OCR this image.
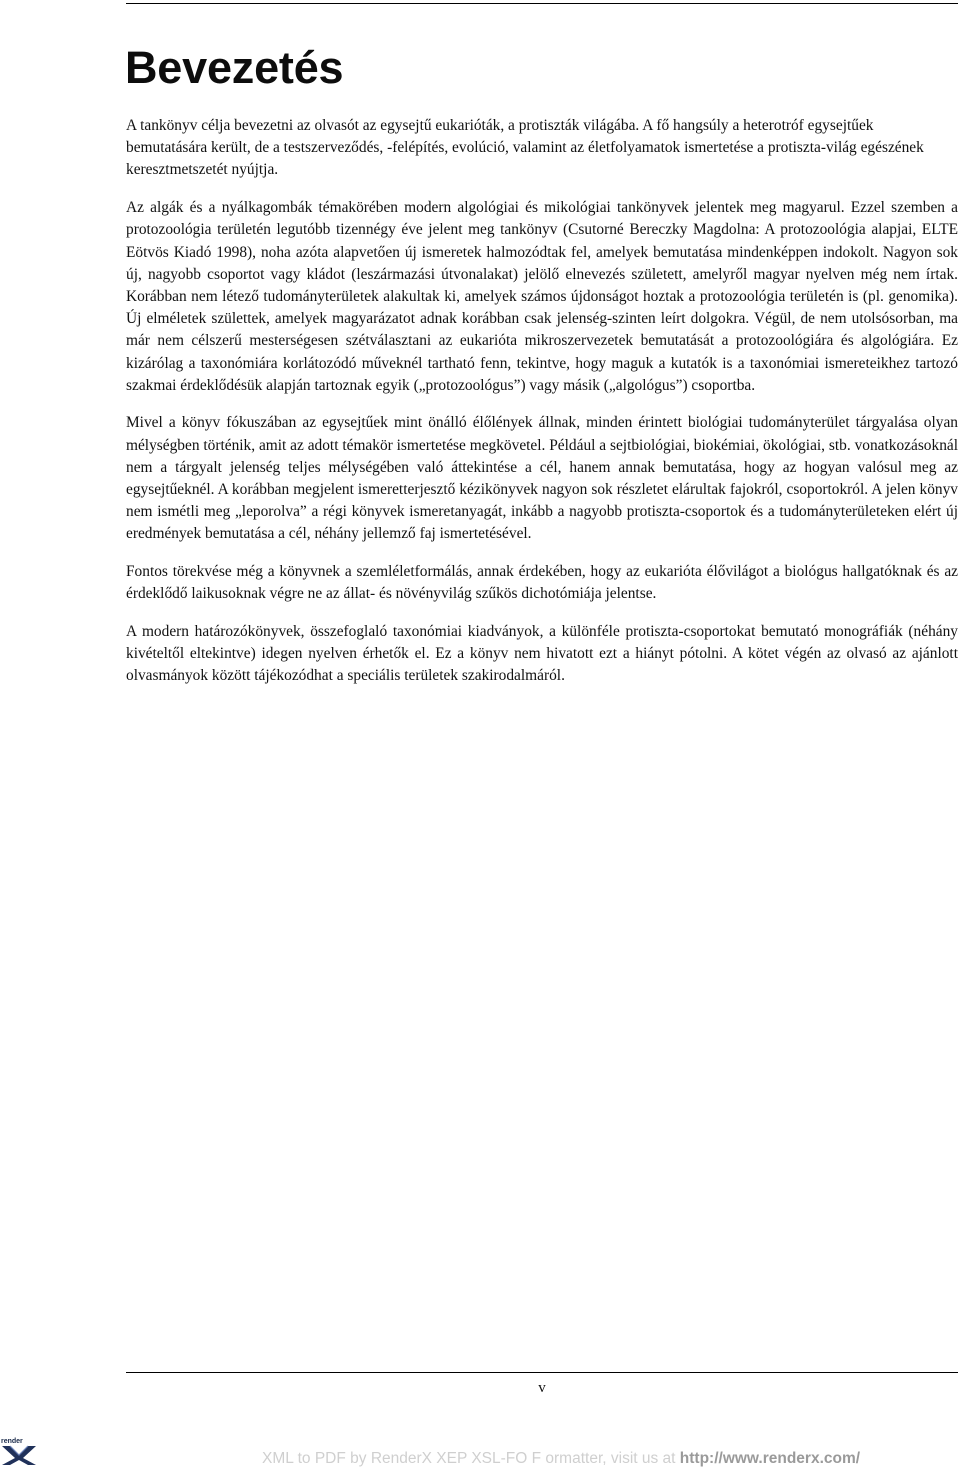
Bevezetés

A tankönyv célja bevezetni az olvasót az egysejtű eukarióták, a protiszták világába. A fő hangsúly a heterotróf egysejtűek bemutatására került, de a testszerveződés, -felépítés, evolúció, valamint az életfolyamatok ismertetése a protiszta-világ egészének keresztmetszetét nyújtja.

Az algák és a nyálkagombák témakörében modern algológiai és mikológiai tankönyvek jelentek meg magyarul. Ezzel szemben a protozoológia területén legutóbb tizennégy éve jelent meg tankönyv (Csutorné Bereczky Magdolna: A protozoológia alapjai, ELTE Eötvös Kiadó 1998), noha azóta alapvetően új ismeretek halmozódtak fel, amelyek bemutatása mindenképpen indokolt. Nagyon sok új, nagyobb csoportot vagy kládot (leszármazási útvonalakat) jelölő elnevezés született, amelyről magyar nyelven még nem írtak. Korábban nem létező tudományterületek alakultak ki, amelyek számos újdonságot hoztak a protozoológia területén is (pl. genomika). Új elméletek születtek, amelyek magyarázatot adnak korábban csak jelenség-szinten leírt dolgokra. Végül, de nem utolsósorban, ma már nem célszerű mesterségesen szétválasztani az eukarióta mikroszervezetek bemutatását a protozoológiára és algológiára. Ez kizárólag a taxonómiára korlátozódó műveknél tartható fenn, tekintve, hogy maguk a kutatók is a taxonómiai ismereteikhez tartozó szakmai érdeklődésük alapján tartoznak egyik („protozoológus”) vagy másik („algológus”) csoportba.

Mivel a könyv fókuszában az egysejtűek mint önálló élőlények állnak, minden érintett biológiai tudományterület tárgyalása olyan mélységben történik, amit az adott témakör ismertetése megkövetel. Például a sejtbiológiai, biokémiai, ökológiai, stb. vonatkozásoknál nem a tárgyalt jelenség teljes mélységében való áttekintése a cél, hanem annak bemutatása, hogy az hogyan valósul meg az egysejtűeknél. A korábban megjelent ismeretterjesztő kézikönyvek nagyon sok részletet elárultak fajokról, csoportokról. A jelen könyv nem ismétli meg „leporolva” a régi könyvek ismeretanyagát, inkább a nagyobb protiszta-csoportok és a tudományterületeken elért új eredmények bemutatása a cél, néhány jellemző faj ismertetésével.

Fontos törekvése még a könyvnek a szemléletformálás, annak érdekében, hogy az eukarióta élővilágot a biológus hallgatóknak és az érdeklődő laikusoknak végre ne az állat- és növényvilág szűkös dichotómiája jelentse.

A modern határozókönyvek, összefoglaló taxonómiai kiadványok, a különféle protiszta-csoportokat bemutató monográfiák (néhány kivételtől eltekintve) idegen nyelven érhetők el. Ez a könyv nem hivatott ezt a hiányt pótolni. A kötet végén az olvasó az ajánlott olvasmányok között tájékozódhat a speciális területek szakirodalmáról.

v
render
XML to PDF by RenderX XEP XSL-FO F ormatter, visit us at http://www.renderx.com/
